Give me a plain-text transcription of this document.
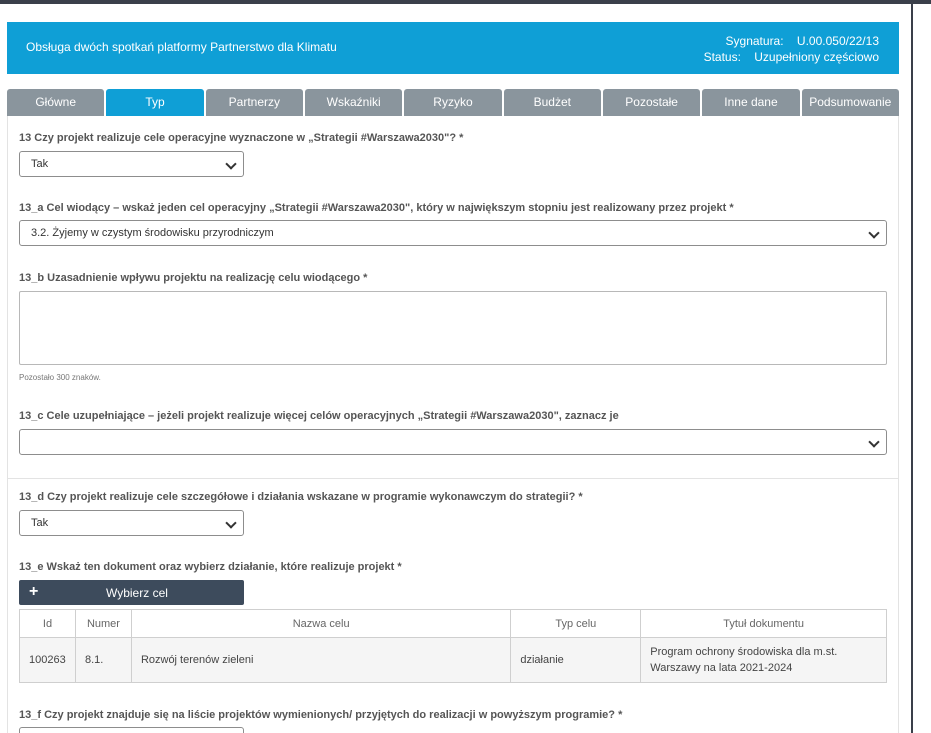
Obsługa dwóch spotkań platformy Partnerstwo dla Klimatu	Sygnatura: U.00.050/22/13
Status: Uzupełniony częściowo
Główne	Typ	Partnerzy	Wskaźniki	Ryzyko	Budżet	Pozostałe	Inne dane	Podsumowanie
13 Czy projekt realizuje cele operacyjne wyznaczone w „Strategii #Warszawa2030"? *
Tak
13_a Cel wiodący – wskaż jeden cel operacyjny „Strategii #Warszawa2030", który w największym stopniu jest realizowany przez projekt *
3.2. Żyjemy w czystym środowisku przyrodniczym
13_b Uzasadnienie wpływu projektu na realizację celu wiodącego *
Pozostało 300 znaków.
13_c Cele uzupełniające – jeżeli projekt realizuje więcej celów operacyjnych „Strategii #Warszawa2030", zaznacz je
13_d Czy projekt realizuje cele szczegółowe i działania wskazane w programie wykonawczym do strategii? *
Tak
13_e Wskaż ten dokument oraz wybierz działanie, które realizuje projekt *
+	Wybierz cel
Id	Numer	Nazwa celu	Typ celu	Tytuł dokumentu
100263	8.1.	Rozwój terenów zieleni	działanie	Program ochrony środowiska dla m.st. Warszawy na lata 2021-2024
13_f Czy projekt znajduje się na liście projektów wymienionych/ przyjętych do realizacji w powyższym programie? *
